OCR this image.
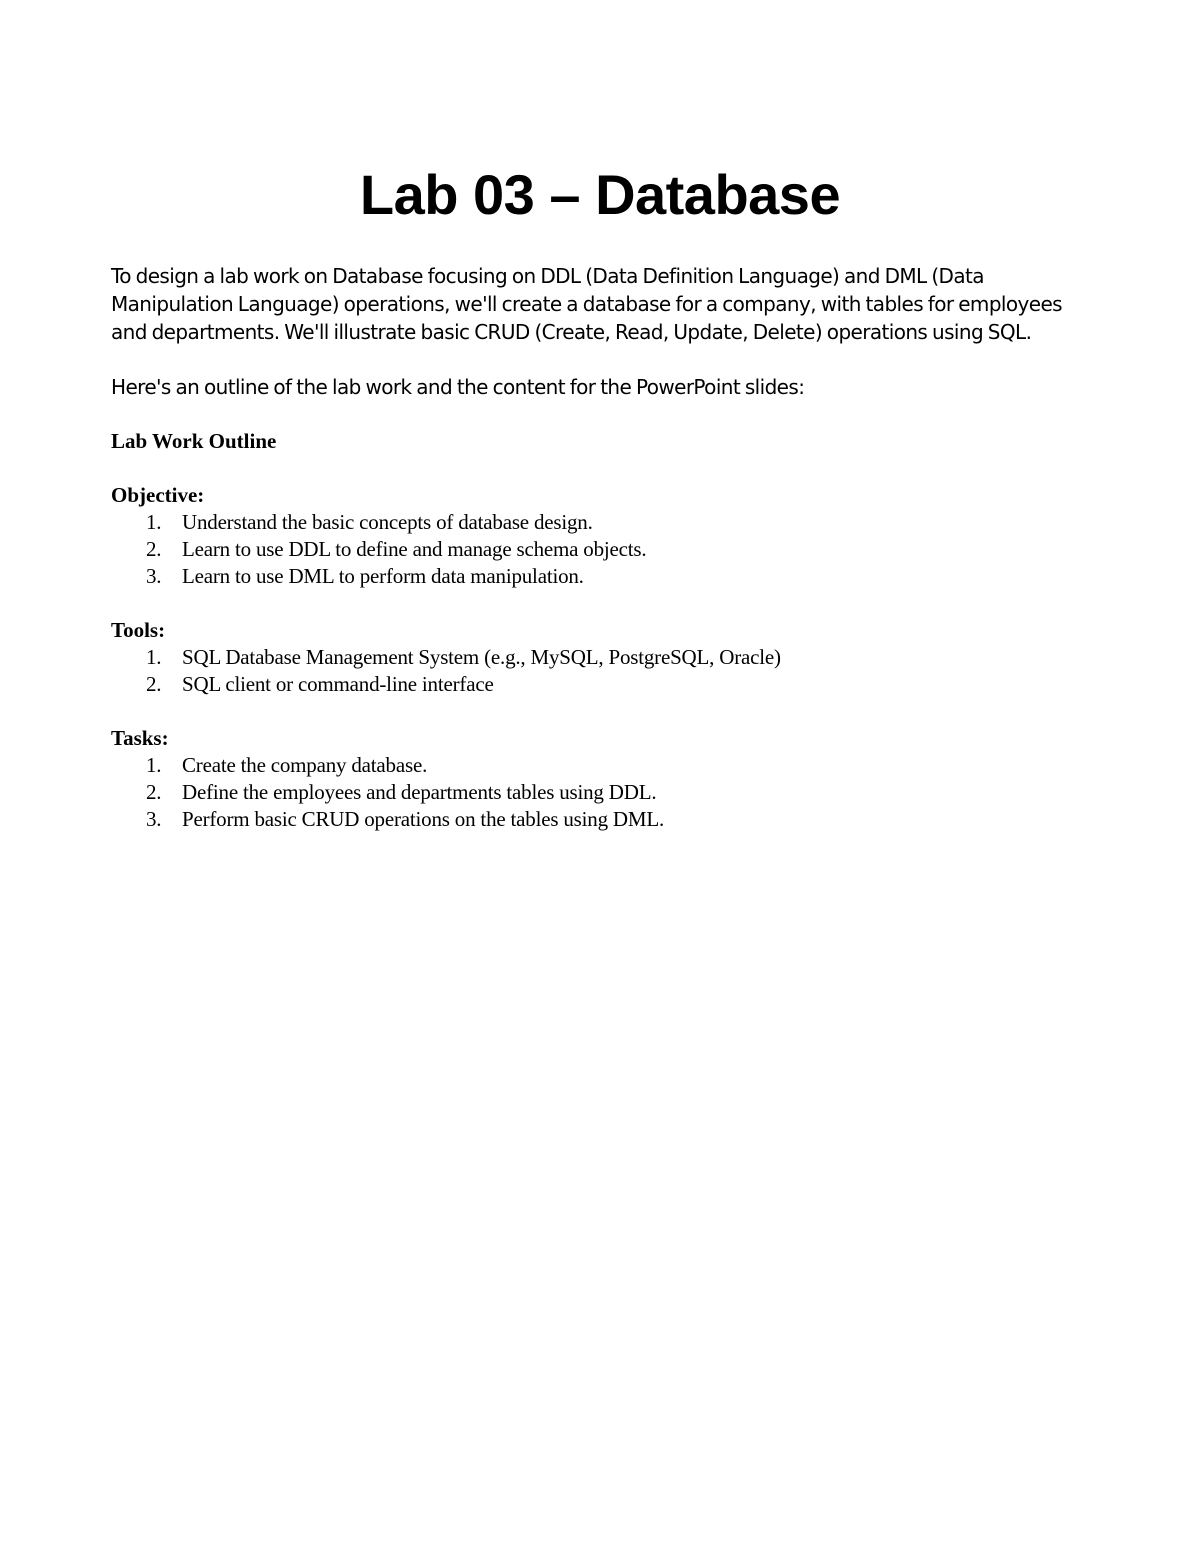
Lab 03 – Database

To design a lab work on Database focusing on DDL (Data Definition Language) and DML (Data Manipulation Language) operations, we'll create a database for a company, with tables for employees and departments. We'll illustrate basic CRUD (Create, Read, Update, Delete) operations using SQL.

Here's an outline of the lab work and the content for the PowerPoint slides:

Lab Work Outline

Objective:

1. Understand the basic concepts of database design.
2. Learn to use DDL to define and manage schema objects.
3. Learn to use DML to perform data manipulation.

Tools:

1. SQL Database Management System (e.g., MySQL, PostgreSQL, Oracle)
2. SQL client or command-line interface

Tasks:

1. Create the company database.
2. Define the employees and departments tables using DDL.
3. Perform basic CRUD operations on the tables using DML.
